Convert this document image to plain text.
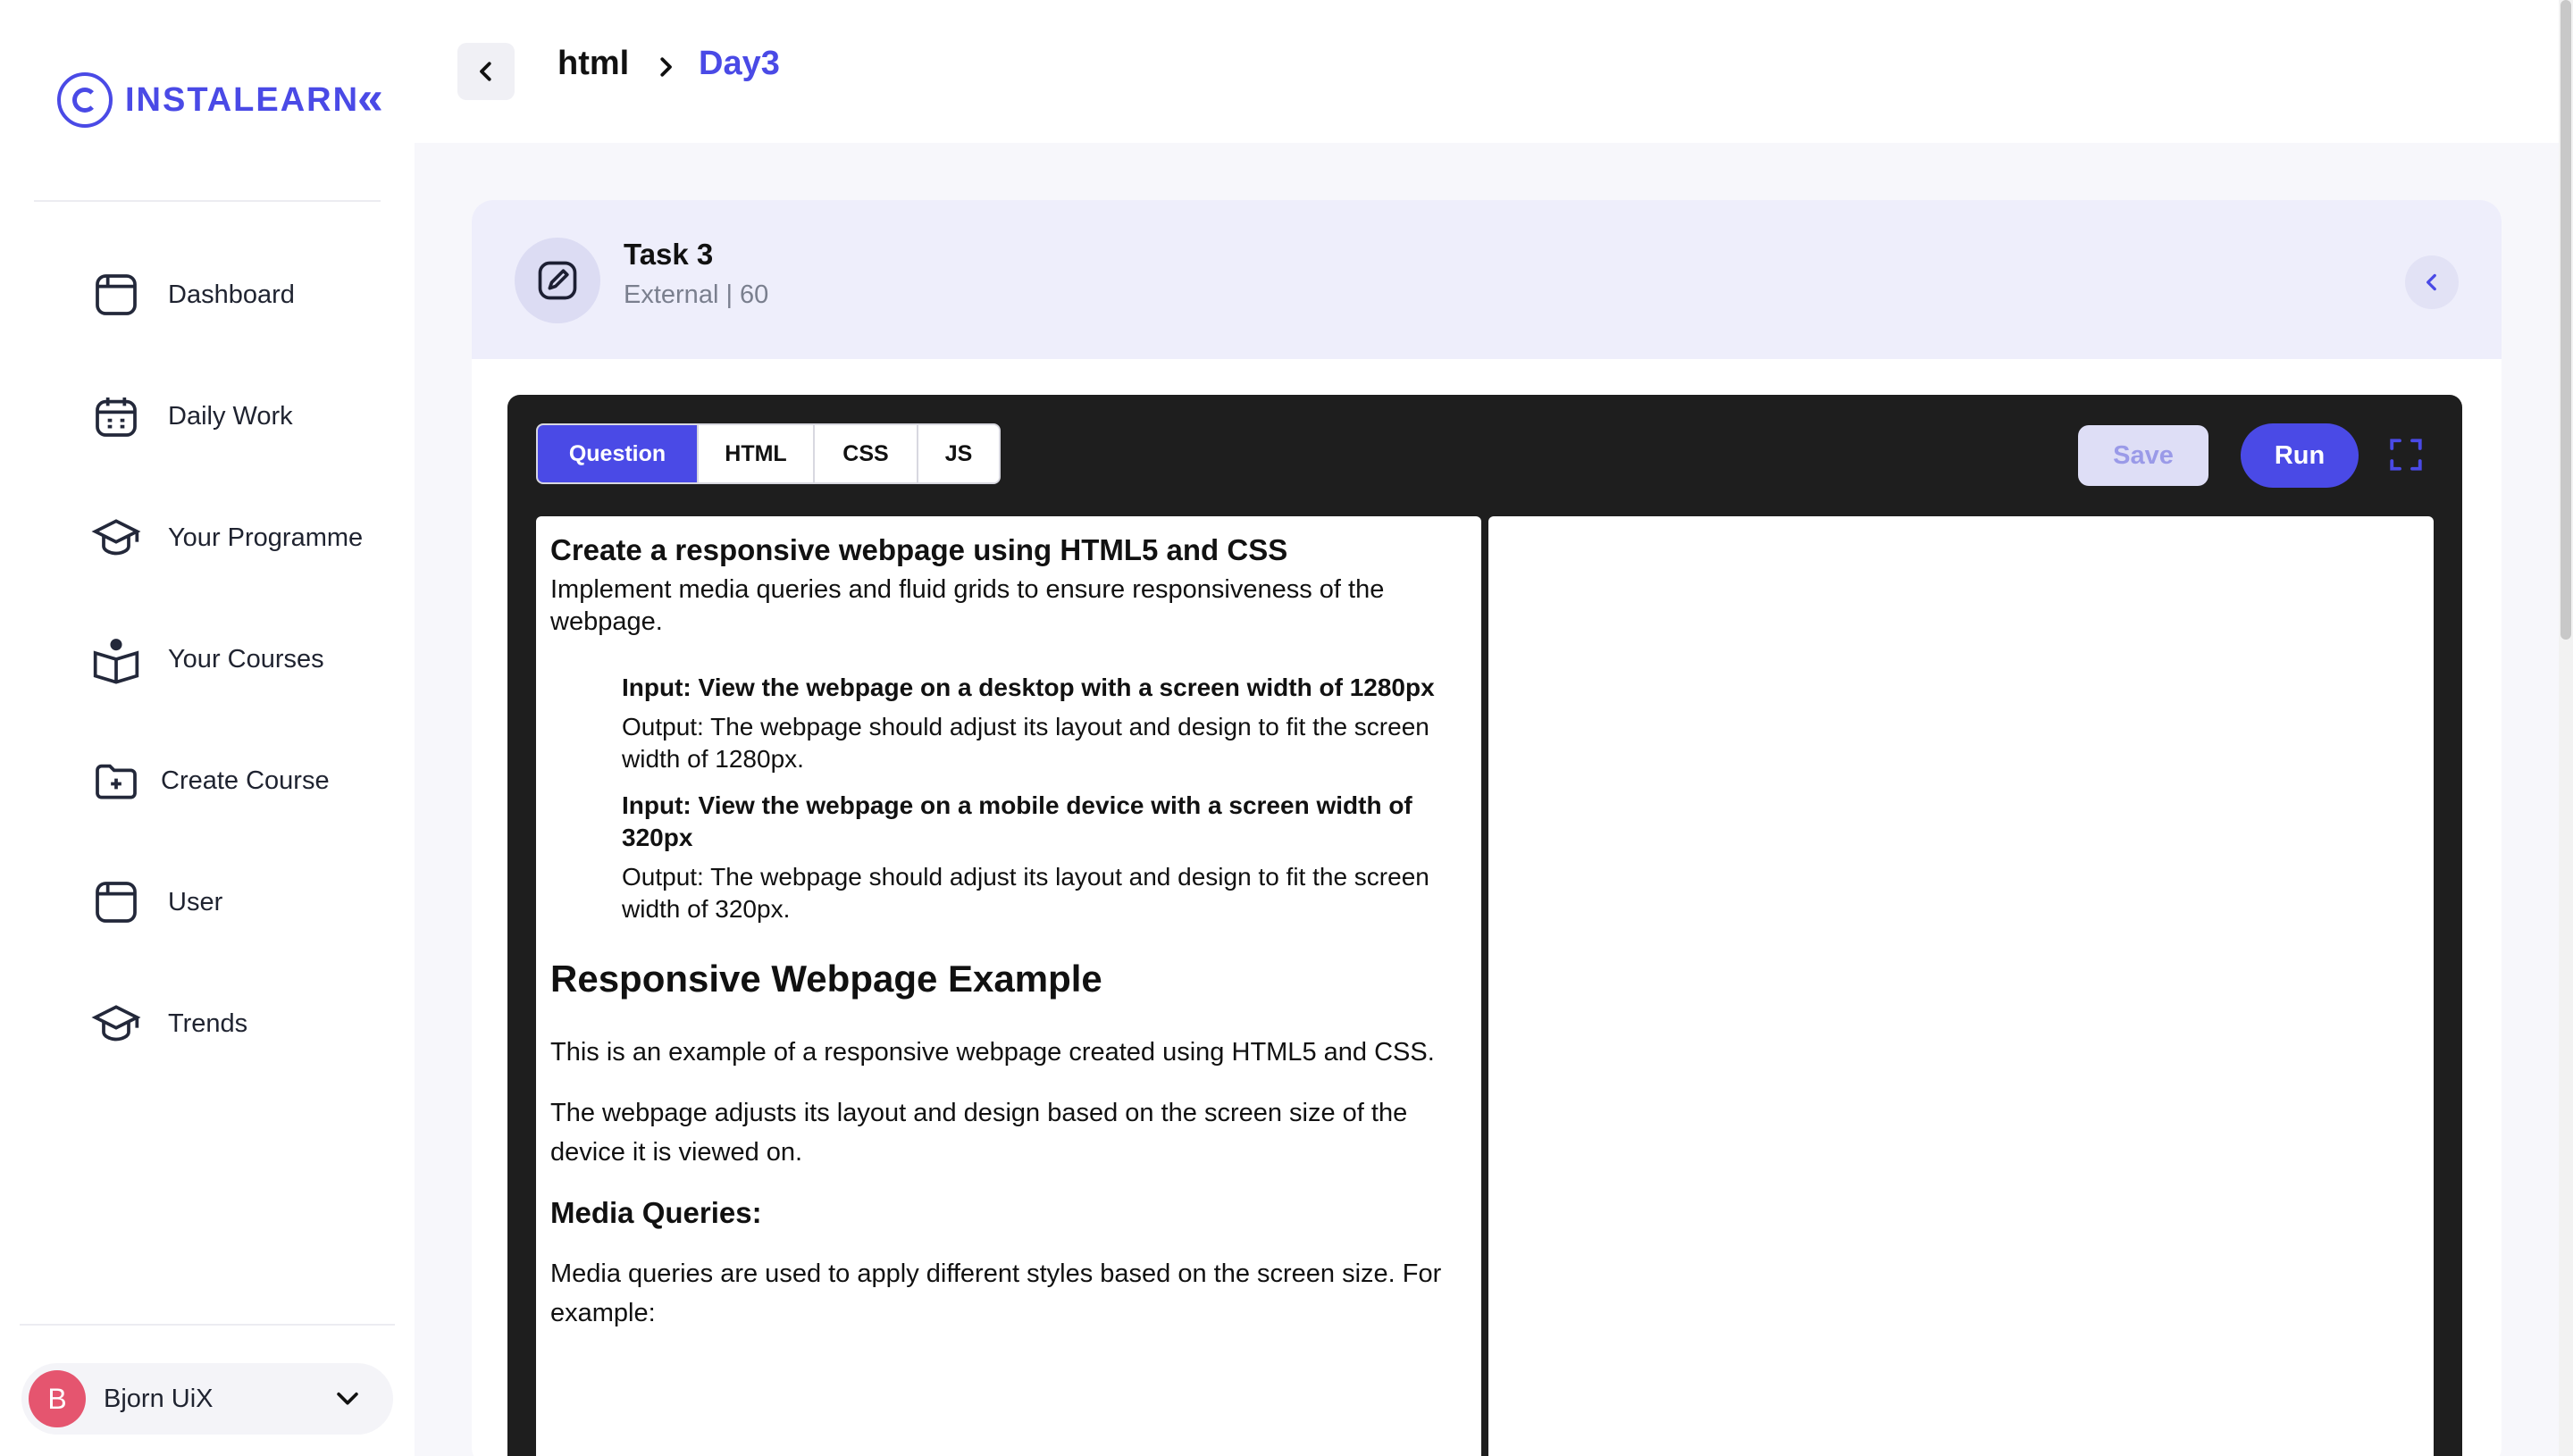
INSTALEARN
«
Dashboard
Daily Work
Your Programme
Your Courses
Create Course
User
Trends
B	Bjorn UiX
html Day3
Task 3
External | 60
Question	HTML	CSS	JS	Save	Run
Create a responsive webpage using HTML5 and CSS
Implement media queries and fluid grids to ensure responsiveness of the webpage.
Input: View the webpage on a desktop with a screen width of 1280px
Output: The webpage should adjust its layout and design to fit the screen width of 1280px.
Input: View the webpage on a mobile device with a screen width of 320px
Output: The webpage should adjust its layout and design to fit the screen width of 320px.
Responsive Webpage Example
This is an example of a responsive webpage created using HTML5 and CSS.
The webpage adjusts its layout and design based on the screen size of the device it is viewed on.
Media Queries:
Media queries are used to apply different styles based on the screen size. For example:
